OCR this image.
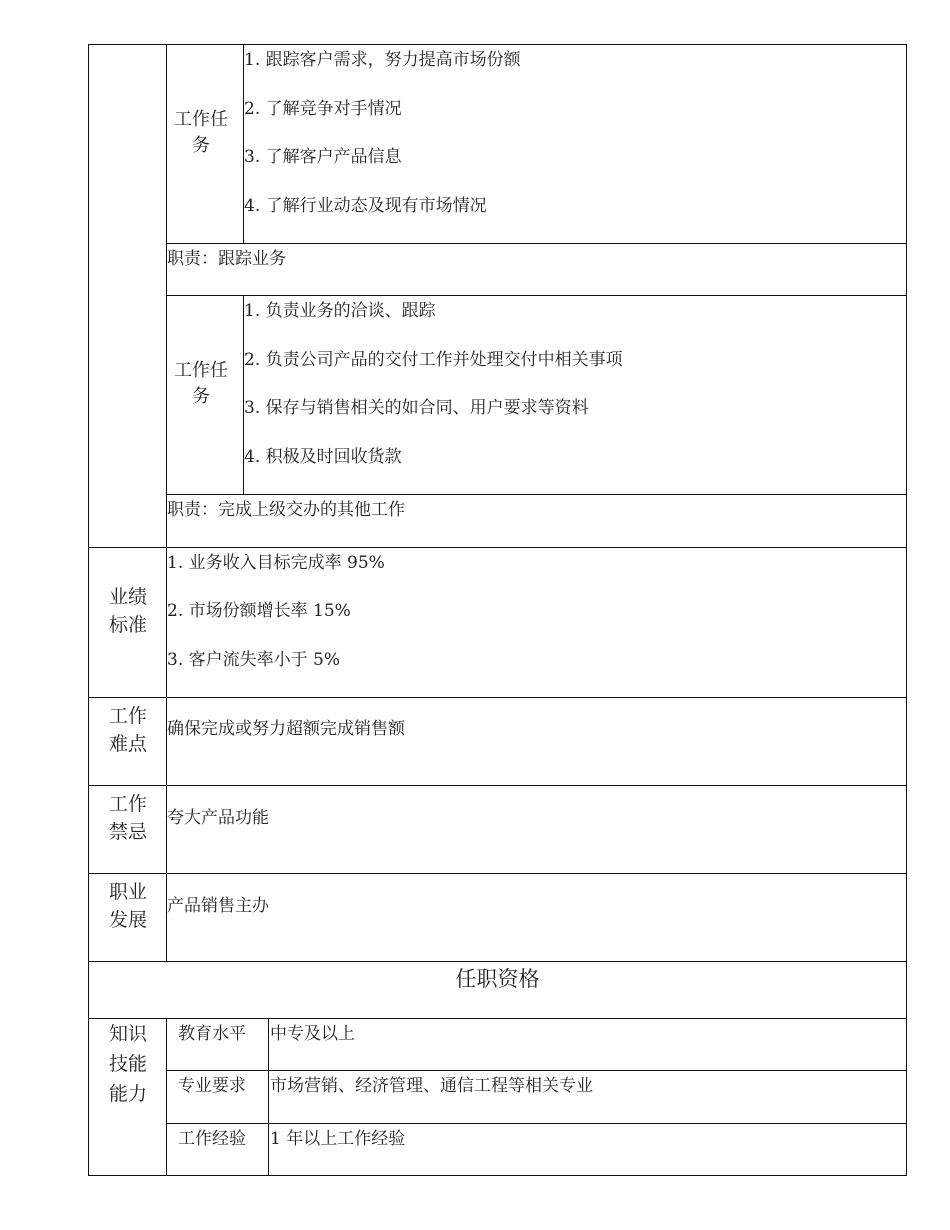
工作任务
1. 跟踪客户需求，努力提高市场份额
2. 了解竞争对手情况
3. 了解客户产品信息
4. 了解行业动态及现有市场情况
职责：跟踪业务
工作任务
1. 负责业务的洽谈、跟踪
2. 负责公司产品的交付工作并处理交付中相关事项
3. 保存与销售相关的如合同、用户要求等资料
4. 积极及时回收货款
职责：完成上级交办的其他工作
业绩标准
1. 业务收入目标完成率 95%
2. 市场份额增长率 15%
3. 客户流失率小于 5%
工作难点
确保完成或努力超额完成销售额
工作禁忌
夸大产品功能
职业发展
产品销售主办
任职资格
知识技能能力
教育水平 中专及以上
专业要求 市场营销、经济管理、通信工程等相关专业
工作经验 1 年以上工作经验
